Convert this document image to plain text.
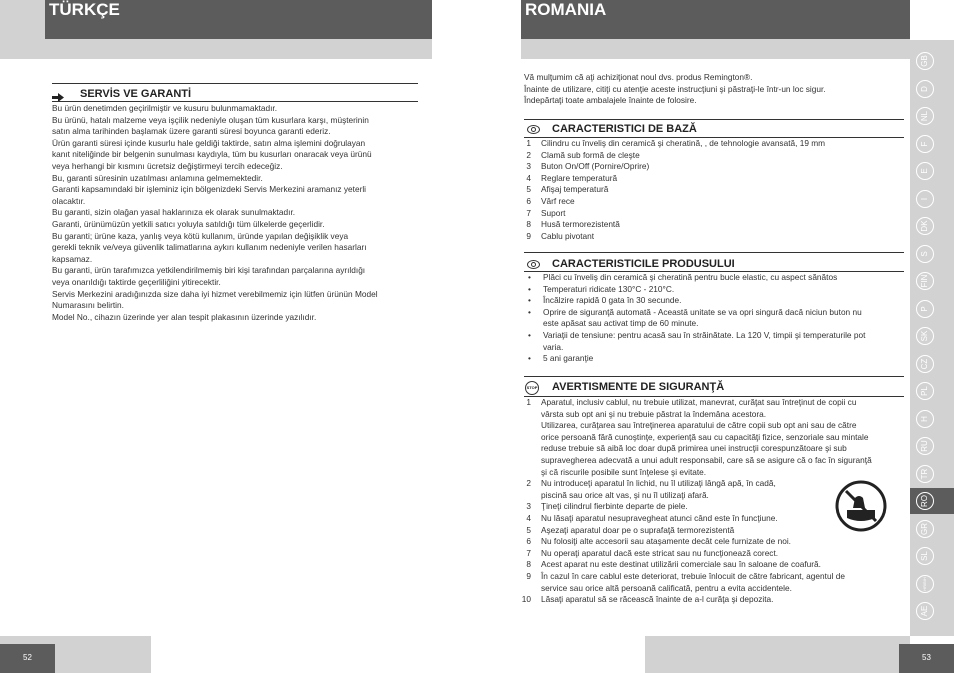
TÜRKÇE
SERVİS VE GARANTİ

Bu ürün denetimden geçirilmiştir ve kusuru bulunmamaktadır.

Bu ürünü, hatalı malzeme veya işçilik nedeniyle oluşan tüm kusurlara karşı, müşterinin

satın alma tarihinden başlamak üzere garanti süresi boyunca garanti ederiz.

Ürün garanti süresi içinde kusurlu hale geldiği taktirde, satın alma işlemini doğrulayan

kanıt niteliğinde bir belgenin sunulması kaydıyla, tüm bu kusurları onaracak veya ürünü

veya herhangi bir kısmını ücretsiz değiştirmeyi tercih edeceğiz.

Bu, garanti süresinin uzatılması anlamına gelmemektedir.

Garanti kapsamındaki bir işleminiz için bölgenizdeki Servis Merkezini aramanız yeterli

olacaktır.

Bu garanti, sizin olağan yasal haklarınıza ek olarak sunulmaktadır.

Garanti, ürünümüzün yetkili satıcı yoluyla satıldığı tüm ülkelerde geçerlidir.

Bu garanti; ürüne kaza, yanlış veya kötü kullanım, üründe yapılan değişiklik veya

gerekli teknik ve/veya güvenlik talimatlarına aykırı kullanım nedeniyle verilen hasarları

kapsamaz.

Bu garanti, ürün tarafımızca yetkilendirilmemiş biri kişi tarafından parçalarına ayrıldığı

veya onarıldığı taktirde geçerliliğini yitirecektir.

Servis Merkezini aradığınızda size daha iyi hizmet verebilmemiz için lütfen ürünün Model

Numarasını belirtin.

Model No., cihazın üzerinde yer alan tespit plakasının üzerinde yazılıdır.

52
ROMANIA

Vă mulţumim că aţi achiziţionat noul dvs. produs Remington®.

Înainte de utilizare, citiţi cu atenţie aceste instrucţiuni şi păstraţi-le într-un loc sigur.

Îndepărtaţi toate ambalajele înainte de folosire.

CARACTERISTICI DE BAZĂ
1 Cilindru cu înveliş din ceramică şi cheratină, , de tehnologie avansată, 19 mm
2 Clamă sub formă de cleşte
3 Buton On/Off (Pornire/Oprire)
4 Reglare temperatură
5 Afişaj temperatură
6 Vârf rece
7 Suport
8 Husă termorezistentă
9 Cablu pivotant
CARACTERISTICILE PRODUSULUI
• Plăci cu înveliş din ceramică şi cheratină pentru bucle elastic, cu aspect sănătos
• Temperaturi ridicate 130°C - 210°C.
• Încălzire rapidă 0 gata în 30 secunde.
• Oprire de siguranţă automată - Aceastǎ unitate se va opri singurǎ dacǎ niciun buton nu
este apăsat sau activat timp de 60 minute.
• Variaţii de tensiune: pentru acasă sau în străinătate. La 120 V, timpii şi temperaturile pot
varia.
• 5 ani garanţie
STOP AVERTISMENTE DE SIGURANŢĂ
1 Aparatul, inclusiv cablul, nu trebuie utilizat, manevrat, curăţat sau întreţinut de copii cu
vârsta sub opt ani şi nu trebuie păstrat la îndemâna acestora.
Utilizarea, curăţarea sau întreţinerea aparatului de către copii sub opt ani sau de către
orice persoană fără cunoştinţe, experienţă sau cu capacităţi fizice, senzoriale sau mintale
reduse trebuie să aibă loc doar după primirea unei instrucţii corespunzătoare şi sub
supravegherea adecvată a unui adult responsabil, care să se asigure că o fac în siguranţă
şi că riscurile posibile sunt înţelese şi evitate.
2 Nu introduceţi aparatul în lichid, nu îl utilizaţi lângă apă, în cadă,
piscină sau orice alt vas, şi nu îl utilizaţi afară.
3 Ţineţi cilindrul fierbinte departe de piele.
4 Nu lăsaţi aparatul nesupravegheat atunci când este în funcţiune.
5 Aşezaţi aparatul doar pe o suprafaţă termorezistentă
6 Nu folosiţi alte accesorii sau ataşamente decât cele furnizate de noi.
7 Nu operaţi aparatul dacă este stricat sau nu funcţionează corect.
8 Acest aparat nu este destinat utilizării comerciale sau în saloane de coafură.
9 În cazul în care cablul este deteriorat, trebuie înlocuit de către fabricant, agentul de
service sau orice altă persoană calificată, pentru a evita accidentele.
10 Lăsaţi aparatul să se răcească înainte de a-l curăţa şi depozita.
53
GB
D
NL
F
E
I
DK
S
FIN
P
SK
CZ
PL
H
RU
TR
RO
GR
SL
HR/BIH
AE
